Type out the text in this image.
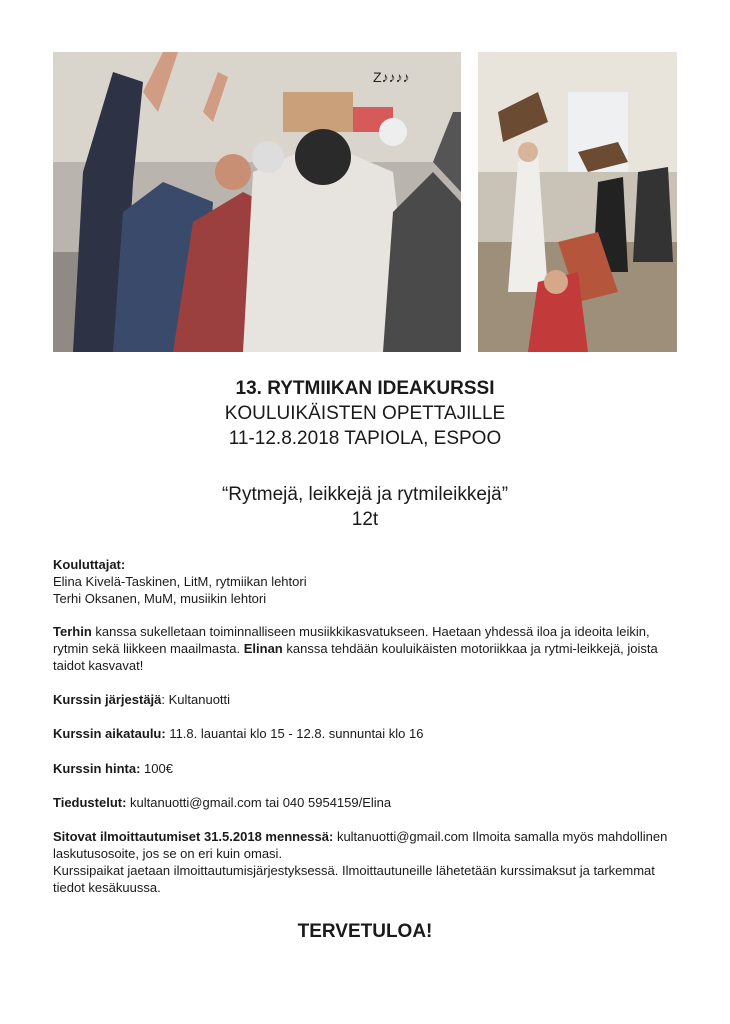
Z♪♪♪♪

13. RYTMIIKAN IDEAKURSSI

KOULUIKÄISTEN OPETTAJILLE

11-12.8.2018 TAPIOLA, ESPOO

“Rytmejä, leikkejä ja rytmileikkejä”

12t

Kouluttajat:

Elina Kivelä-Taskinen, LitM, rytmiikan lehtori

Terhi Oksanen, MuM, musiikin lehtori

Terhin kanssa sukelletaan toiminnalliseen musiikkikasvatukseen. Haetaan yhdessä iloa ja ideoita leikin, rytmin sekä liikkeen maailmasta. Elinan kanssa tehdään kouluikäisten motoriikkaa ja rytmi-leikkejä, joista taidot kasvavat!

Kurssin järjestäjä: Kultanuotti

Kurssin aikataulu: 11.8. lauantai klo 15 - 12.8. sunnuntai klo 16

Kurssin hinta: 100€

Tiedustelut: kultanuotti@gmail.com tai 040 5954159/Elina

Sitovat ilmoittautumiset 31.5.2018 mennessä: kultanuotti@gmail.com Ilmoita samalla myös mahdollinen laskutusosoite, jos se on eri kuin omasi.

Kurssipaikat jaetaan ilmoittautumisjärjestyksessä. Ilmoittautuneille lähetetään kurssimaksut ja tarkemmat tiedot kesäkuussa.

TERVETULOA!
